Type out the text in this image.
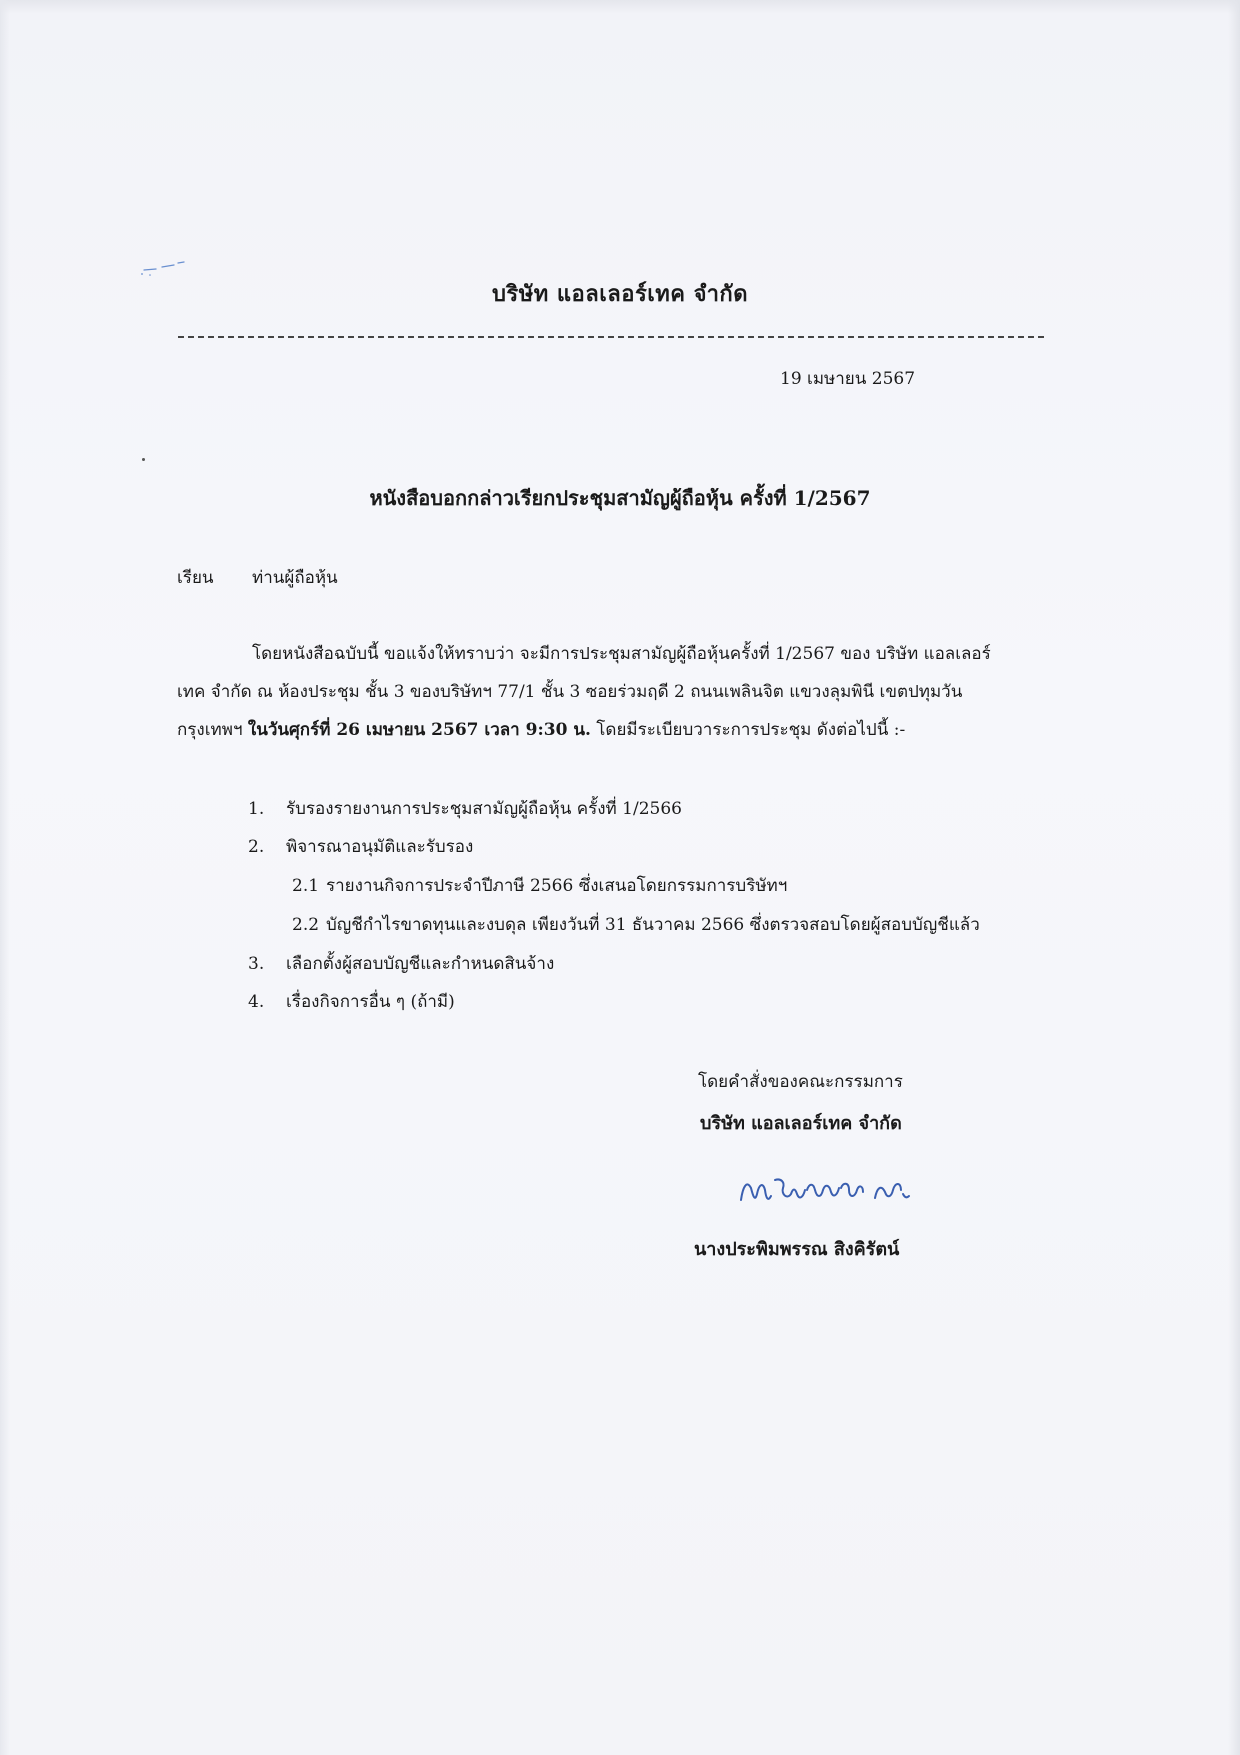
บริษัท แอลเลอร์เทค จำกัด
19 เมษายน 2567
หนังสือบอกกล่าวเรียกประชุมสามัญผู้ถือหุ้น ครั้งที่ 1/2567
เรียน ท่านผู้ถือหุ้น
โดยหนังสือฉบับนี้ ขอแจ้งให้ทราบว่า จะมีการประชุมสามัญผู้ถือหุ้นครั้งที่ 1/2567 ของ บริษัท แอลเลอร์
เทค จำกัด ณ ห้องประชุม ชั้น 3 ของบริษัทฯ 77/1 ชั้น 3 ซอยร่วมฤดี 2 ถนนเพลินจิต แขวงลุมพินี เขตปทุมวัน
กรุงเทพฯ ในวันศุกร์ที่ 26 เมษายน 2567 เวลา 9:30 น. โดยมีระเบียบวาระการประชุม ดังต่อไปนี้ :-
1. รับรองรายงานการประชุมสามัญผู้ถือหุ้น ครั้งที่ 1/2566
2. พิจารณาอนุมัติและรับรอง
2.1 รายงานกิจการประจำปีภาษี 2566 ซึ่งเสนอโดยกรรมการบริษัทฯ
2.2 บัญชีกำไรขาดทุนและงบดุล เพียงวันที่ 31 ธันวาคม 2566 ซึ่งตรวจสอบโดยผู้สอบบัญชีแล้ว
3. เลือกตั้งผู้สอบบัญชีและกำหนดสินจ้าง
4. เรื่องกิจการอื่น ๆ (ถ้ามี)
โดยคำสั่งของคณะกรรมการ
บริษัท แอลเลอร์เทค จำกัด
นางประพิมพรรณ สิงคิรัตน์
